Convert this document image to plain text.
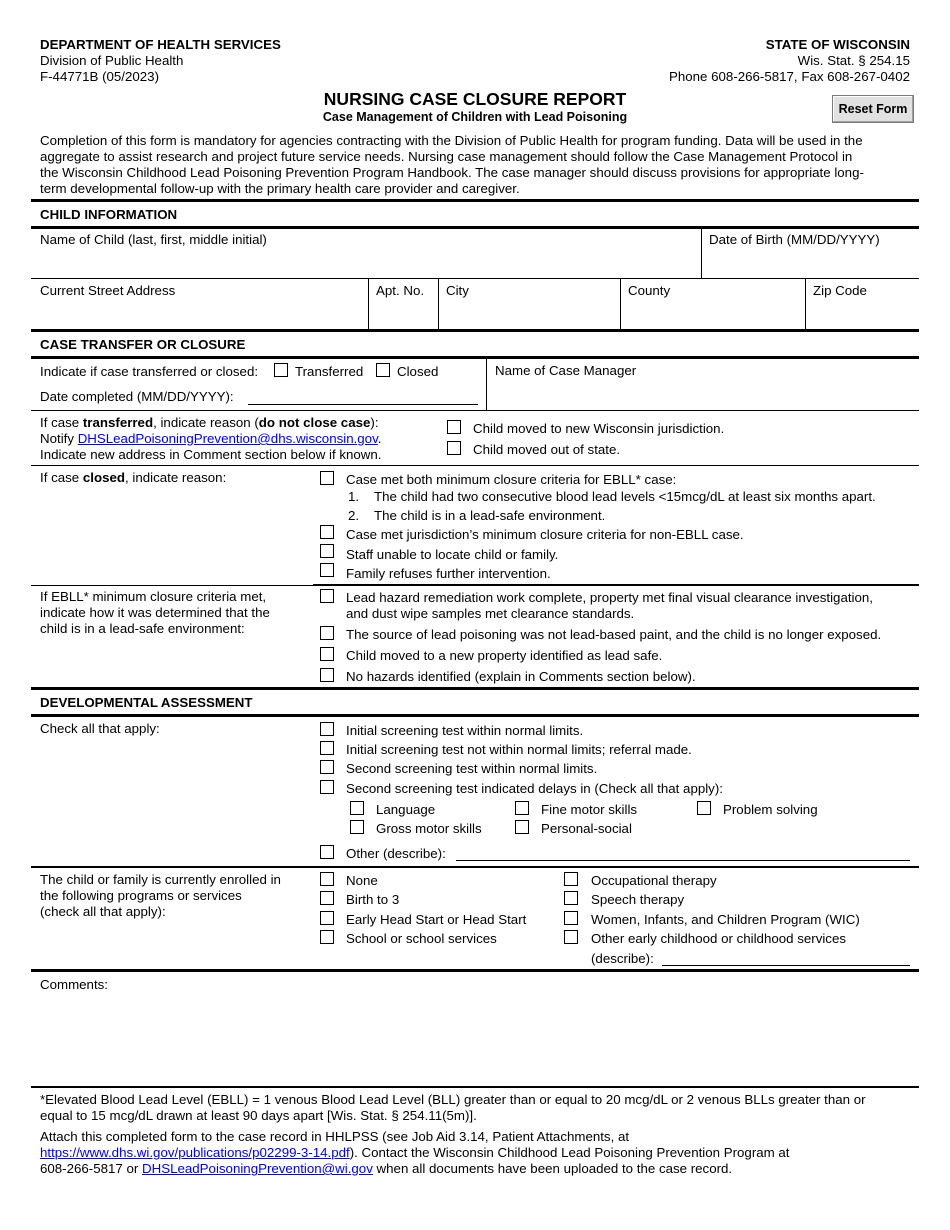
DEPARTMENT OF HEALTH SERVICES
Division of Public Health
F-44771B (05/2023)
STATE OF WISCONSIN
Wis. Stat. § 254.15
Phone 608-266-5817, Fax 608-267-0402
NURSING CASE CLOSURE REPORT
Case Management of Children with Lead Poisoning
Reset Form
Completion of this form is mandatory for agencies contracting with the Division of Public Health for program funding. Data will be used in the
aggregate to assist research and project future service needs. Nursing case management should follow the Case Management Protocol in
the Wisconsin Childhood Lead Poisoning Prevention Program Handbook. The case manager should discuss provisions for appropriate long-
term developmental follow-up with the primary health care provider and caregiver.
CHILD INFORMATION
Name of Child (last, first, middle initial)	Date of Birth (MM/DD/YYYY)
Current Street Address	Apt. No. City	County	Zip Code
CASE TRANSFER OR CLOSURE
Indicate if case transferred or closed:	Transferred	Closed
Date completed (MM/DD/YYYY):
Name of Case Manager
If case transferred, indicate reason (do not close case):
Notify DHSLeadPoisoningPrevention@dhs.wisconsin.gov.
Indicate new address in Comment section below if known.
Child moved to new Wisconsin jurisdiction.
Child moved out of state.
If case closed, indicate reason:	Case met both minimum closure criteria for EBLL* case:
1. The child had two consecutive blood lead levels <15mcg/dL at least six months apart.
2. The child is in a lead-safe environment.
Case met jurisdiction’s minimum closure criteria for non-EBLL case.
Staff unable to locate child or family.
Family refuses further intervention.
If EBLL* minimum closure criteria met,
indicate how it was determined that the
child is in a lead-safe environment:
Lead hazard remediation work complete, property met final visual clearance investigation,
and dust wipe samples met clearance standards.
The source of lead poisoning was not lead-based paint, and the child is no longer exposed.
Child moved to a new property identified as lead safe.
No hazards identified (explain in Comments section below).
DEVELOPMENTAL ASSESSMENT
Check all that apply:	Initial screening test within normal limits.
Initial screening test not within normal limits; referral made.
Second screening test within normal limits.
Second screening test indicated delays in (Check all that apply):
Language	Fine motor skills	Problem solving
Gross motor skills	Personal-social
Other (describe):
The child or family is currently enrolled in
the following programs or services
(check all that apply):
None
Birth to 3
Early Head Start or Head Start
School or school services
Occupational therapy
Speech therapy
Women, Infants, and Children Program (WIC)
Other early childhood or childhood services
(describe):
Comments:
*Elevated Blood Lead Level (EBLL) = 1 venous Blood Lead Level (BLL) greater than or equal to 20 mcg/dL or 2 venous BLLs greater than or
equal to 15 mcg/dL drawn at least 90 days apart [Wis. Stat. § 254.11(5m)].
Attach this completed form to the case record in HHLPSS (see Job Aid 3.14, Patient Attachments, at
https://www.dhs.wi.gov/publications/p02299-3-14.pdf). Contact the Wisconsin Childhood Lead Poisoning Prevention Program at
608-266-5817 or DHSLeadPoisoningPrevention@wi.gov when all documents have been uploaded to the case record.
